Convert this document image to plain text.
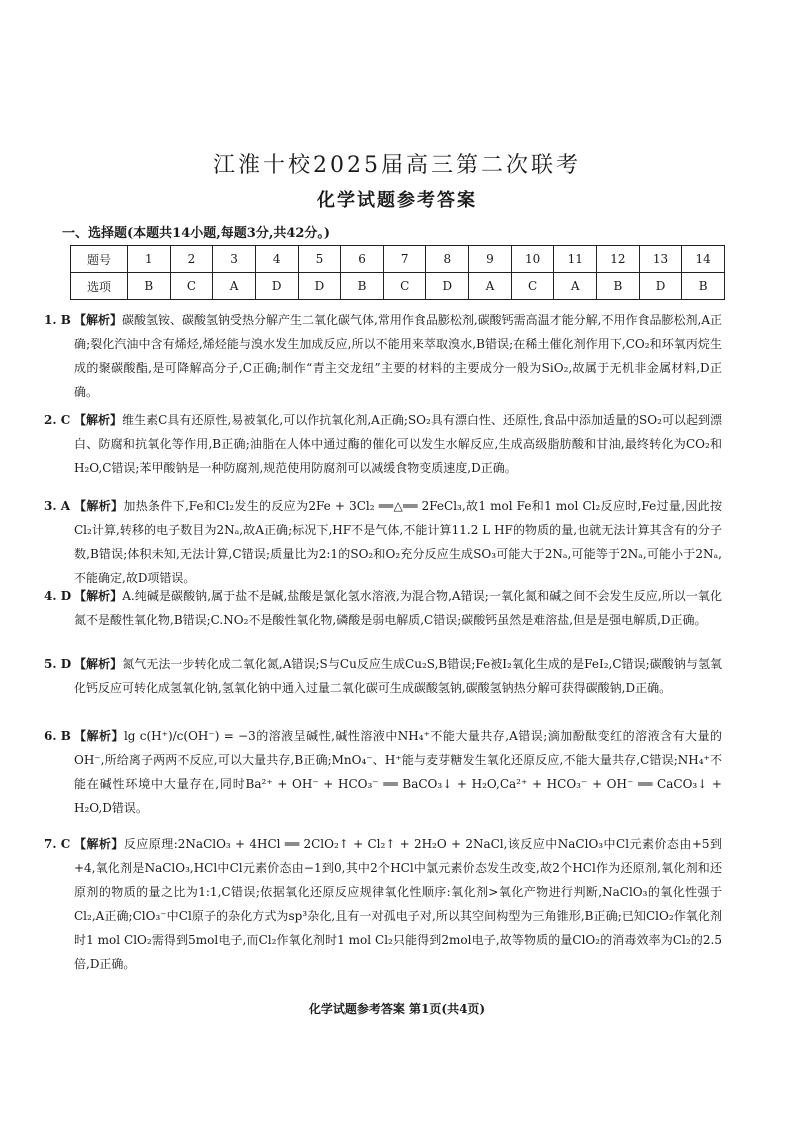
江淮十校2025届高三第二次联考
化学试题参考答案
一、选择题(本题共14小题,每题3分,共42分。)
题号	1	2	3	4	5	6	7	8	9	10	11	12	13	14
选项	B	C	A	D	D	B	C	D	A	C	A	B	D	B
1. B 【解析】碳酸氢铵、碳酸氢钠受热分解产生二氧化碳气体,常用作食品膨松剂,碳酸钙需高温才能分解,不用作食品膨松剂,A正确;裂化汽油中含有烯烃,烯烃能与溴水发生加成反应,所以不能用来萃取溴水,B错误;在稀土催化剂作用下,CO₂和环氧丙烷生成的聚碳酸酯,是可降解高分子,C正确;制作“青主交龙纽”主要的材料的主要成分一般为SiO₂,故属于无机非金属材料,D正确。
2. C 【解析】维生素C具有还原性,易被氧化,可以作抗氧化剂,A正确;SO₂具有漂白性、还原性,食品中添加适量的SO₂可以起到漂白、防腐和抗氧化等作用,B正确;油脂在人体中通过酶的催化可以发生水解反应,生成高级脂肪酸和甘油,最终转化为CO₂和H₂O,C错误;苯甲酸钠是一种防腐剂,规范使用防腐剂可以减缓食物变质速度,D正确。
3. A 【解析】加热条件下,Fe和Cl₂发生的反应为2Fe + 3Cl₂ ══△══ 2FeCl₃,故1 mol Fe和1 mol Cl₂反应时,Fe过量,因此按Cl₂计算,转移的电子数目为2Nₐ,故A正确;标况下,HF不是气体,不能计算11.2 L HF的物质的量,也就无法计算其含有的分子数,B错误;体积未知,无法计算,C错误;质量比为2:1的SO₂和O₂充分反应生成SO₃可能大于2Nₐ,可能等于2Nₐ,可能小于2Nₐ,不能确定,故D项错误。
4. D 【解析】A.纯碱是碳酸钠,属于盐不是碱,盐酸是氯化氢水溶液,为混合物,A错误;一氧化氮和碱之间不会发生反应,所以一氧化氮不是酸性氧化物,B错误;C.NO₂不是酸性氧化物,磷酸是弱电解质,C错误;碳酸钙虽然是难溶盐,但是是强电解质,D正确。
5. D 【解析】氮气无法一步转化成二氧化氮,A错误;S与Cu反应生成Cu₂S,B错误;Fe被I₂氧化生成的是FeI₂,C错误;碳酸钠与氢氧化钙反应可转化成氢氧化钠,氢氧化钠中通入过量二氧化碳可生成碳酸氢钠,碳酸氢钠热分解可获得碳酸钠,D正确。
6. B 【解析】lg c(H⁺)/c(OH⁻) = −3的溶液呈碱性,碱性溶液中NH₄⁺不能大量共存,A错误;滴加酚酞变红的溶液含有大量的OH⁻,所给离子两两不反应,可以大量共存,B正确;MnO₄⁻、H⁺能与麦芽糖发生氧化还原反应,不能大量共存,C错误;NH₄⁺不能在碱性环境中大量存在,同时Ba²⁺ + OH⁻ + HCO₃⁻ ══ BaCO₃↓ + H₂O,Ca²⁺ + HCO₃⁻ + OH⁻ ══ CaCO₃↓ + H₂O,D错误。
7. C 【解析】反应原理:2NaClO₃ + 4HCl ══ 2ClO₂↑ + Cl₂↑ + 2H₂O + 2NaCl,该反应中NaClO₃中Cl元素价态由+5到+4,氧化剂是NaClO₃,HCl中Cl元素价态由−1到0,其中2个HCl中氯元素价态发生改变,故2个HCl作为还原剂,氧化剂和还原剂的物质的量之比为1:1,C错误;依据氧化还原反应规律氧化性顺序:氧化剂>氧化产物进行判断,NaClO₃的氧化性强于Cl₂,A正确;ClO₃⁻中Cl原子的杂化方式为sp³杂化,且有一对孤电子对,所以其空间构型为三角锥形,B正确;已知ClO₂作氧化剂时1 mol ClO₂需得到5mol电子,而Cl₂作氧化剂时1 mol Cl₂只能得到2mol电子,故等物质的量ClO₂的消毒效率为Cl₂的2.5倍,D正确。
化学试题参考答案 第1页(共4页)
